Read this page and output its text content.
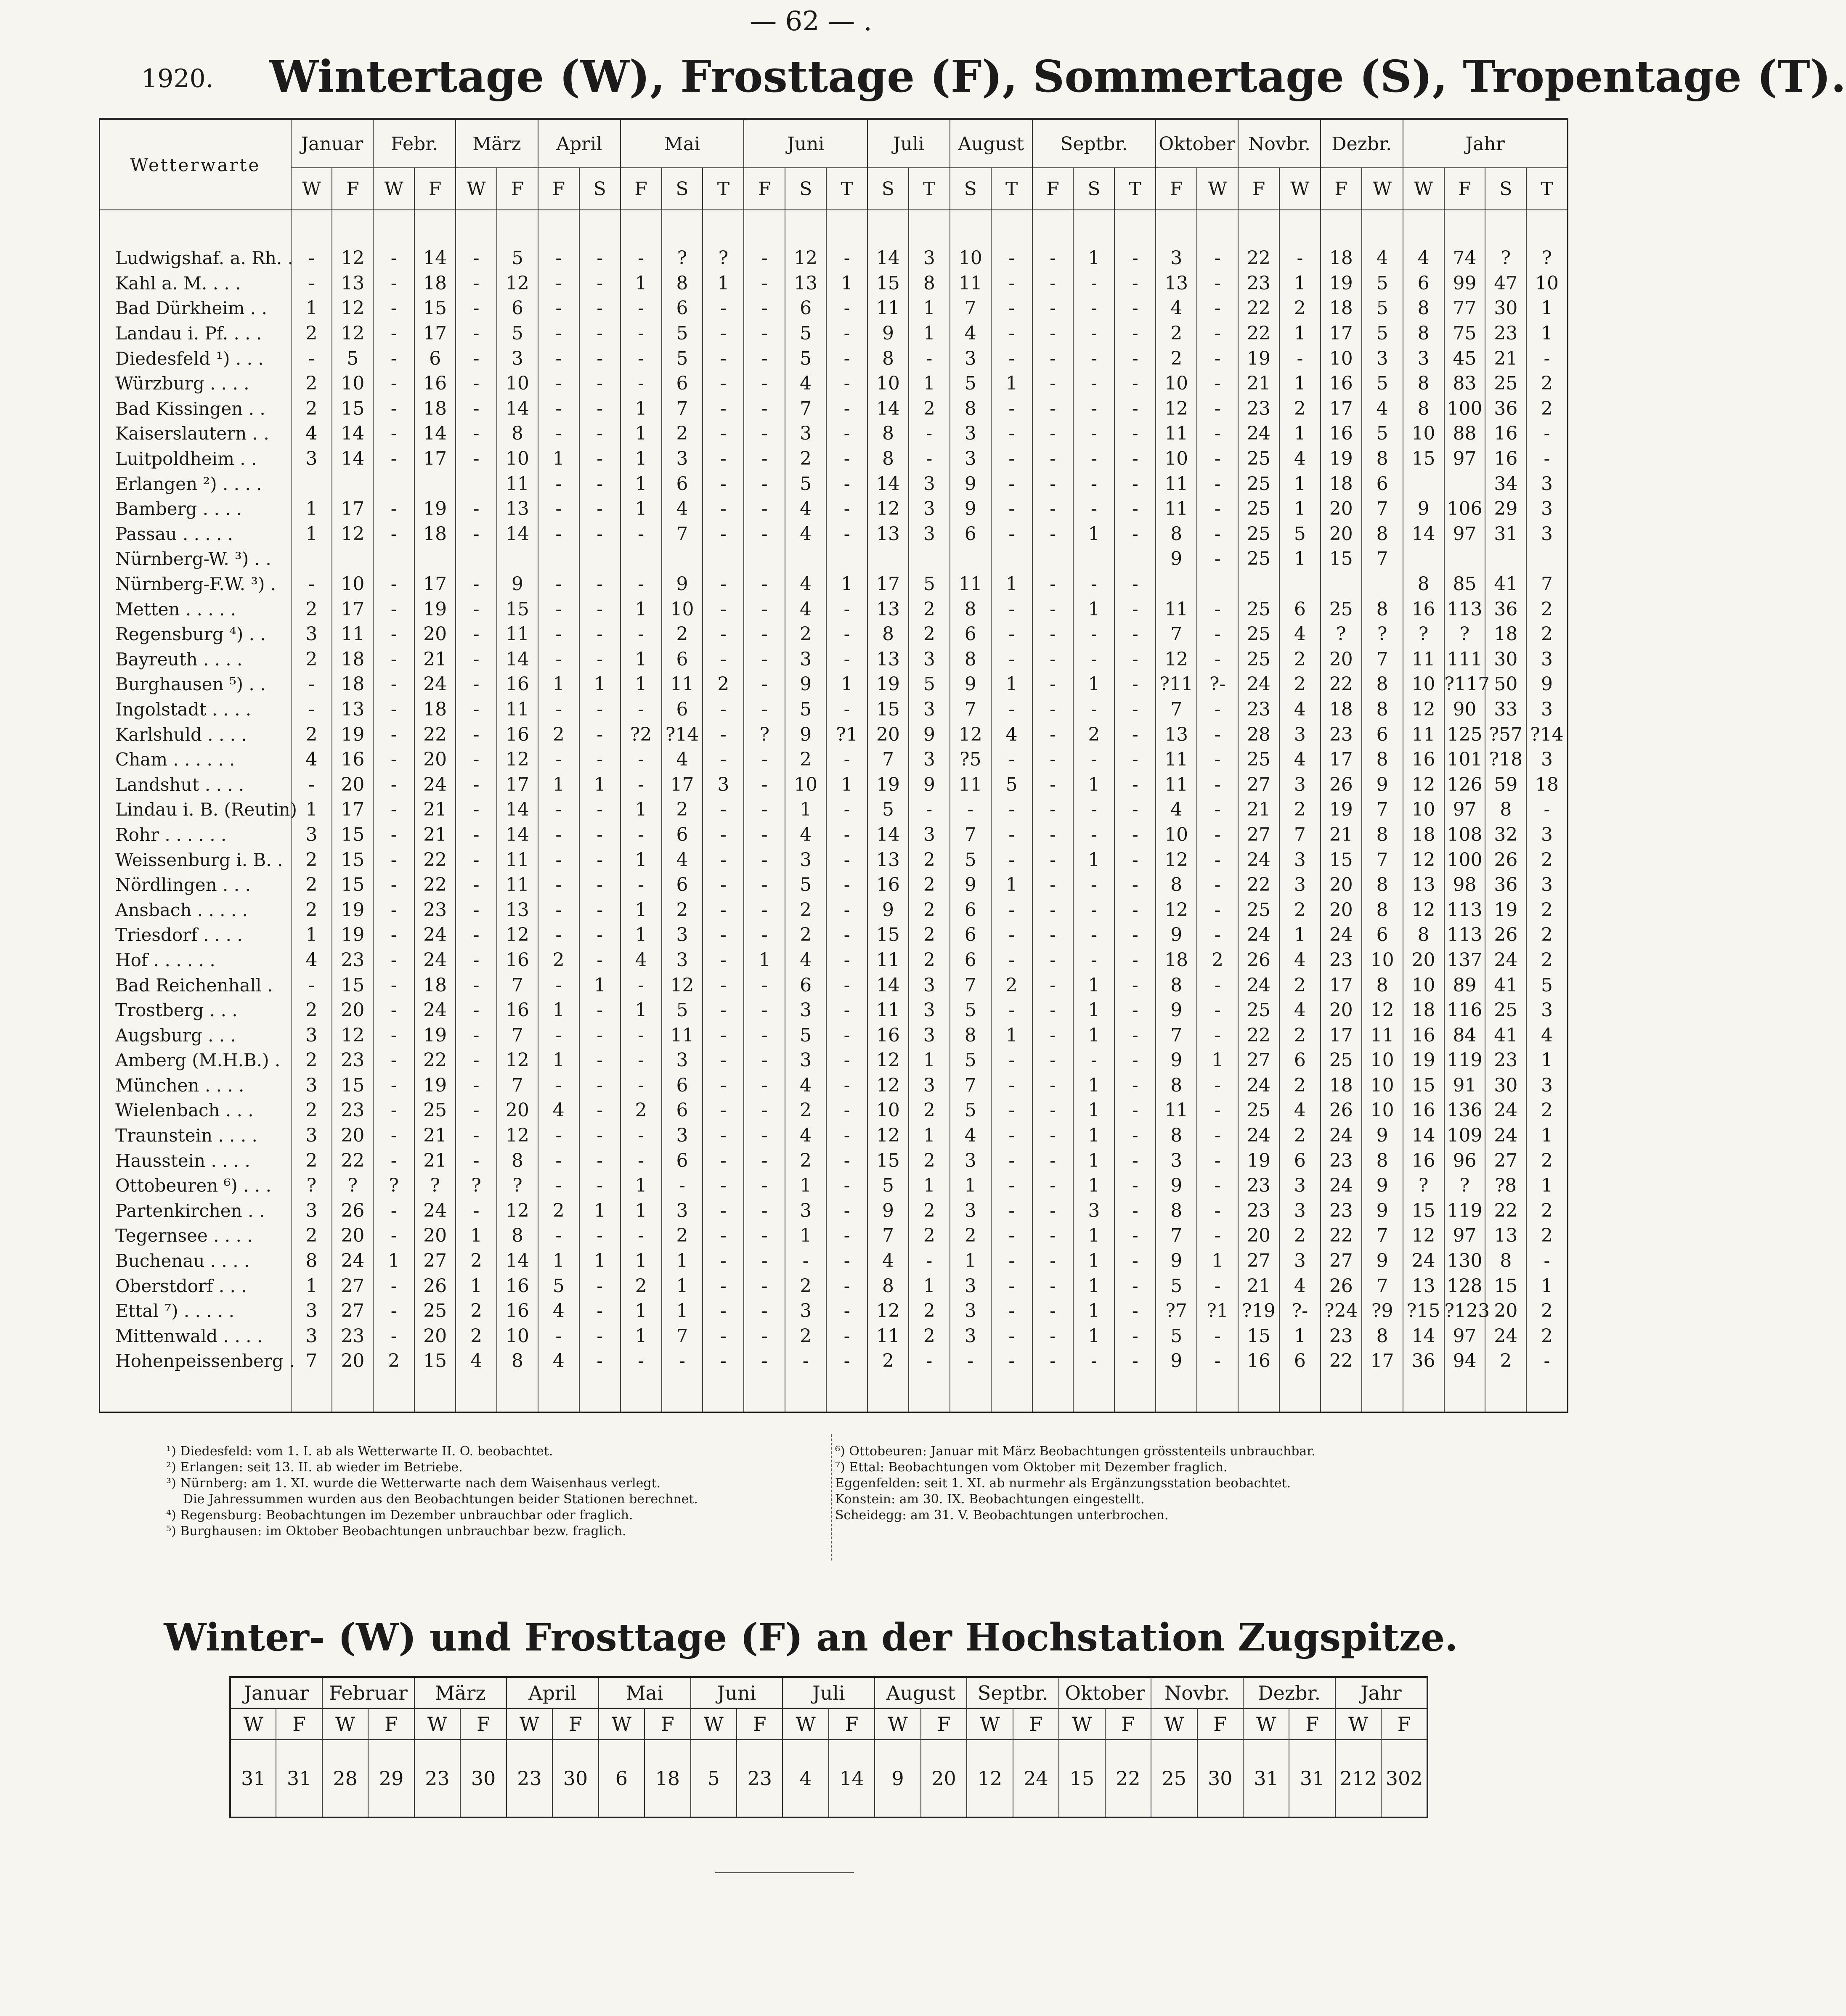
— 62 — .
1920. Wintertage (W), Frosttage (F), Sommertage (S), Tropentage (T).
Wetterwarte	Januar		Febr.		März		April		Mai			Juni			Juli		August		Septbr.			Oktober		Novbr.		Dezbr.		Jahr			
	W	F	W	F	W	F	F	S	F	S	T	F	S	T	S	T	S	T	F	S	T	F	W	F	W	F	W	W	F	S	T
Ludwigshaf. a. Rh. .	-	12	-	14	-	5	-	-	-	?	?	-	12	-	14	3	10	-	-	1	-	3	-	22	-	18	4	4	74	?	?
Kahl a. M. . . .	-	13	-	18	-	12	-	-	1	8	1	-	13	1	15	8	11	-	-	-	-	13	-	23	1	19	5	6	99	47	10
Bad Dürkheim . .	1	12	-	15	-	6	-	-	-	6	-	-	6	-	11	1	7	-	-	-	-	4	-	22	2	18	5	8	77	30	1
Landau i. Pf. . . .	2	12	-	17	-	5	-	-	-	5	-	-	5	-	9	1	4	-	-	-	-	2	-	22	1	17	5	8	75	23	1
Diedesfeld ¹) . . .	-	5	-	6	-	3	-	-	-	5	-	-	5	-	8	-	3	-	-	-	-	2	-	19	-	10	3	3	45	21	-
Würzburg . . . .	2	10	-	16	-	10	-	-	-	6	-	-	4	-	10	1	5	1	-	-	-	10	-	21	1	16	5	8	83	25	2
Bad Kissingen . .	2	15	-	18	-	14	-	-	1	7	-	-	7	-	14	2	8	-	-	-	-	12	-	23	2	17	4	8	100	36	2
Kaiserslautern . .	4	14	-	14	-	8	-	-	1	2	-	-	3	-	8	-	3	-	-	-	-	11	-	24	1	16	5	10	88	16	-
Luitpoldheim . .	3	14	-	17	-	10	1	-	1	3	-	-	2	-	8	-	3	-	-	-	-	10	-	25	4	19	8	15	97	16	-
Erlangen ²) . . . .						11	-	-	1	6	-	-	5	-	14	3	9	-	-	-	-	11	-	25	1	18	6			34	3
Bamberg . . . .	1	17	-	19	-	13	-	-	1	4	-	-	4	-	12	3	9	-	-	-	-	11	-	25	1	20	7	9	106	29	3
Passau . . . . .	1	12	-	18	-	14	-	-	-	7	-	-	4	-	13	3	6	-	-	1	-	8	-	25	5	20	8	14	97	31	3
Nürnberg-W. ³) . .																						9	-	25	1	15	7				
Nürnberg-F.W. ³) .	-	10	-	17	-	9	-	-	-	9	-	-	4	1	17	5	11	1	-	-	-							8	85	41	7
Metten . . . . .	2	17	-	19	-	15	-	-	1	10	-	-	4	-	13	2	8	-	-	1	-	11	-	25	6	25	8	16	113	36	2
Regensburg ⁴) . .	3	11	-	20	-	11	-	-	-	2	-	-	2	-	8	2	6	-	-	-	-	7	-	25	4	?	?	?	?	18	2
Bayreuth . . . .	2	18	-	21	-	14	-	-	1	6	-	-	3	-	13	3	8	-	-	-	-	12	-	25	2	20	7	11	111	30	3
Burghausen ⁵) . .	-	18	-	24	-	16	1	1	1	11	2	-	9	1	19	5	9	1	-	1	-	?11	?-	24	2	22	8	10	?117	50	9
Ingolstadt . . . .	-	13	-	18	-	11	-	-	-	6	-	-	5	-	15	3	7	-	-	-	-	7	-	23	4	18	8	12	90	33	3
Karlshuld . . . .	2	19	-	22	-	16	2	-	?2	?14	-	?	9	?1	20	9	12	4	-	2	-	13	-	28	3	23	6	11	125	?57	?14
Cham . . . . . .	4	16	-	20	-	12	-	-	-	4	-	-	2	-	7	3	?5	-	-	-	-	11	-	25	4	17	8	16	101	?18	3
Landshut . . . .	-	20	-	24	-	17	1	1	-	17	3	-	10	1	19	9	11	5	-	1	-	11	-	27	3	26	9	12	126	59	18
Lindau i. B. (Reutin)	1	17	-	21	-	14	-	-	1	2	-	-	1	-	5	-	-	-	-	-	-	4	-	21	2	19	7	10	97	8	-
Rohr . . . . . .	3	15	-	21	-	14	-	-	-	6	-	-	4	-	14	3	7	-	-	-	-	10	-	27	7	21	8	18	108	32	3
Weissenburg i. B. .	2	15	-	22	-	11	-	-	1	4	-	-	3	-	13	2	5	-	-	1	-	12	-	24	3	15	7	12	100	26	2
Nördlingen . . .	2	15	-	22	-	11	-	-	-	6	-	-	5	-	16	2	9	1	-	-	-	8	-	22	3	20	8	13	98	36	3
Ansbach . . . . .	2	19	-	23	-	13	-	-	1	2	-	-	2	-	9	2	6	-	-	-	-	12	-	25	2	20	8	12	113	19	2
Triesdorf . . . .	1	19	-	24	-	12	-	-	1	3	-	-	2	-	15	2	6	-	-	-	-	9	-	24	1	24	6	8	113	26	2
Hof . . . . . .	4	23	-	24	-	16	2	-	4	3	-	1	4	-	11	2	6	-	-	-	-	18	2	26	4	23	10	20	137	24	2
Bad Reichenhall .	-	15	-	18	-	7	-	1	-	12	-	-	6	-	14	3	7	2	-	1	-	8	-	24	2	17	8	10	89	41	5
Trostberg . . .	2	20	-	24	-	16	1	-	1	5	-	-	3	-	11	3	5	-	-	1	-	9	-	25	4	20	12	18	116	25	3
Augsburg . . .	3	12	-	19	-	7	-	-	-	11	-	-	5	-	16	3	8	1	-	1	-	7	-	22	2	17	11	16	84	41	4
Amberg (M.H.B.) .	2	23	-	22	-	12	1	-	-	3	-	-	3	-	12	1	5	-	-	-	-	9	1	27	6	25	10	19	119	23	1
München . . . .	3	15	-	19	-	7	-	-	-	6	-	-	4	-	12	3	7	-	-	1	-	8	-	24	2	18	10	15	91	30	3
Wielenbach . . .	2	23	-	25	-	20	4	-	2	6	-	-	2	-	10	2	5	-	-	1	-	11	-	25	4	26	10	16	136	24	2
Traunstein . . . .	3	20	-	21	-	12	-	-	-	3	-	-	4	-	12	1	4	-	-	1	-	8	-	24	2	24	9	14	109	24	1
Hausstein . . . .	2	22	-	21	-	8	-	-	-	6	-	-	2	-	15	2	3	-	-	1	-	3	-	19	6	23	8	16	96	27	2
Ottobeuren ⁶) . . .	?	?	?	?	?	?	-	-	1	-	-	-	1	-	5	1	1	-	-	1	-	9	-	23	3	24	9	?	?	?8	1
Partenkirchen . .	3	26	-	24	-	12	2	1	1	3	-	-	3	-	9	2	3	-	-	3	-	8	-	23	3	23	9	15	119	22	2
Tegernsee . . . .	2	20	-	20	1	8	-	-	-	2	-	-	1	-	7	2	2	-	-	1	-	7	-	20	2	22	7	12	97	13	2
Buchenau . . . .	8	24	1	27	2	14	1	1	1	1	-	-	-	-	4	-	1	-	-	1	-	9	1	27	3	27	9	24	130	8	-
Oberstdorf . . .	1	27	-	26	1	16	5	-	2	1	-	-	2	-	8	1	3	-	-	1	-	5	-	21	4	26	7	13	128	15	1
Ettal ⁷) . . . . .	3	27	-	25	2	16	4	-	1	1	-	-	3	-	12	2	3	-	-	1	-	?7	?1	?19	?-	?24	?9	?15	?123	20	2
Mittenwald . . . .	3	23	-	20	2	10	-	-	1	7	-	-	2	-	11	2	3	-	-	1	-	5	-	15	1	23	8	14	97	24	2
Hohenpeissenberg .	7	20	2	15	4	8	4	-	-	-	-	-	-	-	2	-	-	-	-	-	-	9	-	16	6	22	17	36	94	2	-
¹) Diedesfeld: vom 1. I. ab als Wetterwarte II. O. beobachtet.
²) Erlangen: seit 13. II. ab wieder im Betriebe.
³) Nürnberg: am 1. XI. wurde die Wetterwarte nach dem Waisenhaus verlegt.
Die Jahressummen wurden aus den Beobachtungen beider Stationen berechnet.
⁴) Regensburg: Beobachtungen im Dezember unbrauchbar oder fraglich.
⁵) Burghausen: im Oktober Beobachtungen unbrauchbar bezw. fraglich.
⁶) Ottobeuren: Januar mit März Beobachtungen grösstenteils unbrauchbar.
⁷) Ettal: Beobachtungen vom Oktober mit Dezember fraglich.
Eggenfelden: seit 1. XI. ab nurmehr als Ergänzungsstation beobachtet.
Konstein: am 30. IX. Beobachtungen eingestellt.
Scheidegg: am 31. V. Beobachtungen unterbrochen.
Winter- (W) und Frosttage (F) an der Hochstation Zugspitze.
Januar		Februar		März		April		Mai		Juni		Juli		August		Septbr.		Oktober		Novbr.		Dezbr.		Jahr	
W	F	W	F	W	F	W	F	W	F	W	F	W	F	W	F	W	F	W	F	W	F	W	F	W	F
31	31	28	29	23	30	23	30	6	18	5	23	4	14	9	20	12	24	15	22	25	30	31	31	212	302
